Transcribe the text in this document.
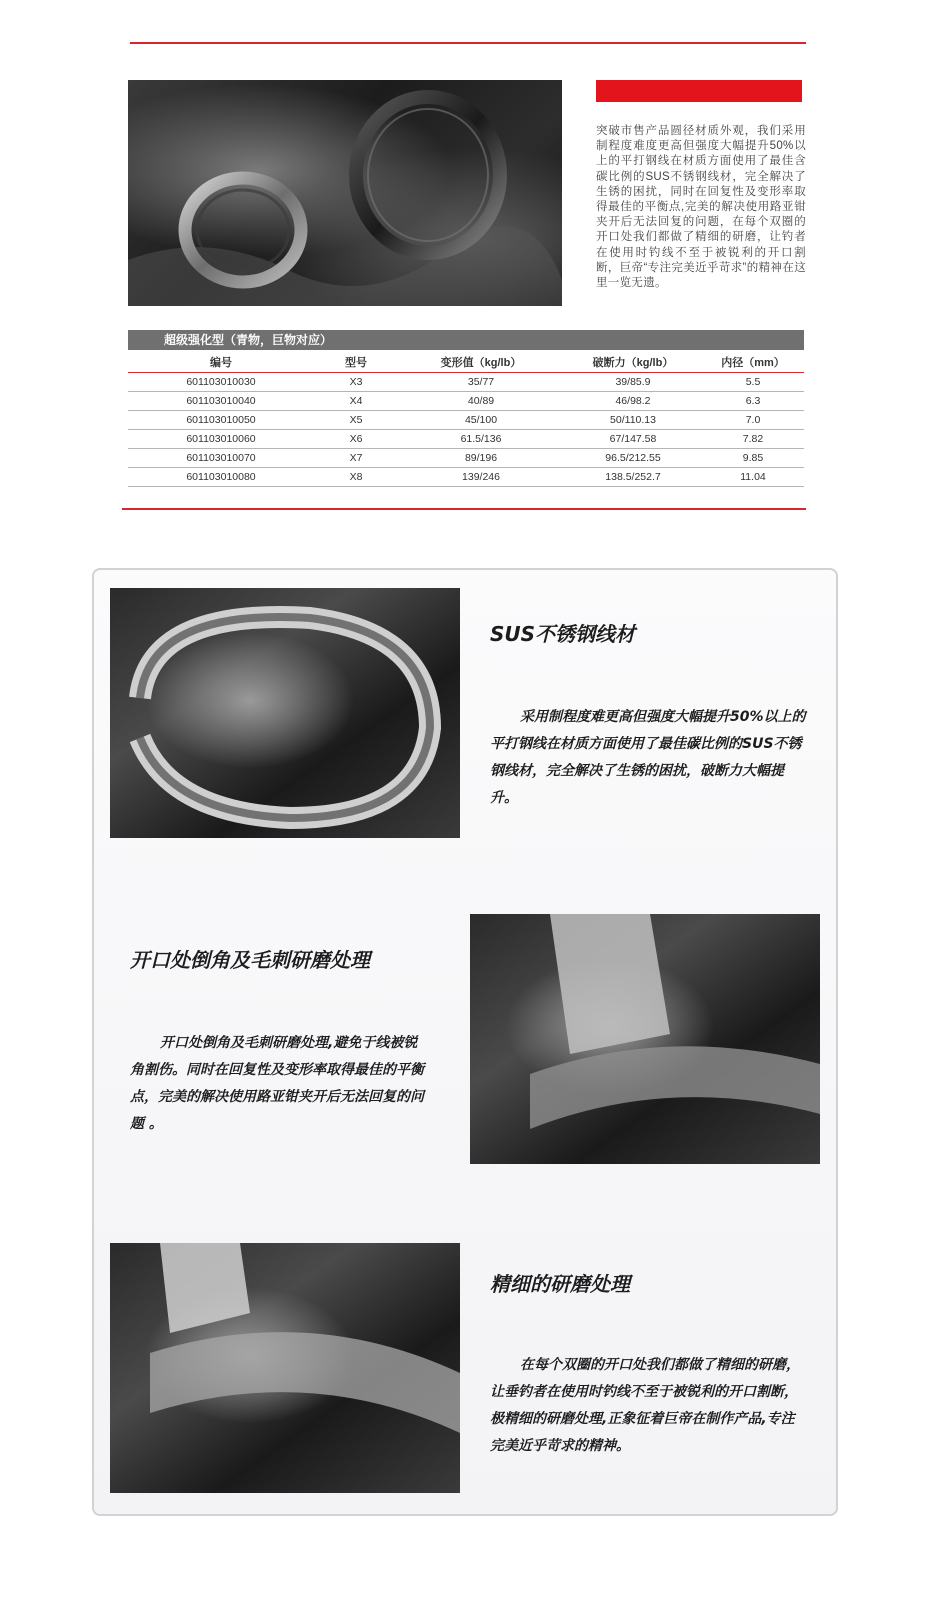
突破市售产品圆径材质外观，我们采用制程度难度更高但强度大幅提升50%以上的平打钢线在材质方面使用了最佳含碳比例的SUS不锈钢线材，完全解决了生锈的困扰，同时在回复性及变形率取得最佳的平衡点,完美的解决使用路亚钳夹开后无法回复的问题，在每个双圈的开口处我们都做了精细的研磨，让钓者在使用时钓线不至于被锐利的开口割断，巨帝“专注完美近乎苛求”的精神在这里一览无遗。
超级强化型（青物，巨物对应）
编号	型号	变形值（kg/lb）	破断力（kg/lb）	内径（mm）
601103010030	X3	35/77	39/85.9	5.5
601103010040	X4	40/89	46/98.2	6.3
601103010050	X5	45/100	50/110.13	7.0
601103010060	X6	61.5/136	67/147.58	7.82
601103010070	X7	89/196	96.5/212.55	9.85
601103010080	X8	139/246	138.5/252.7	11.04
SUS不锈钢线材
采用制程度难更高但强度大幅提升50%以上的平打钢线在材质方面使用了最佳碳比例的SUS不锈钢线材，完全解决了生锈的困扰，破断力大幅提升。
开口处倒角及毛刺研磨处理
开口处倒角及毛刺研磨处理,避免于线被锐角割伤。同时在回复性及变形率取得最佳的平衡点，完美的解决使用路亚钳夹开后无法回复的问题 。
精细的研磨处理
在每个双圈的开口处我们都做了精细的研磨，让垂钓者在使用时钓线不至于被锐利的开口割断，极精细的研磨处理,正象征着巨帝在制作产品,专注完美近乎苛求的精神。
